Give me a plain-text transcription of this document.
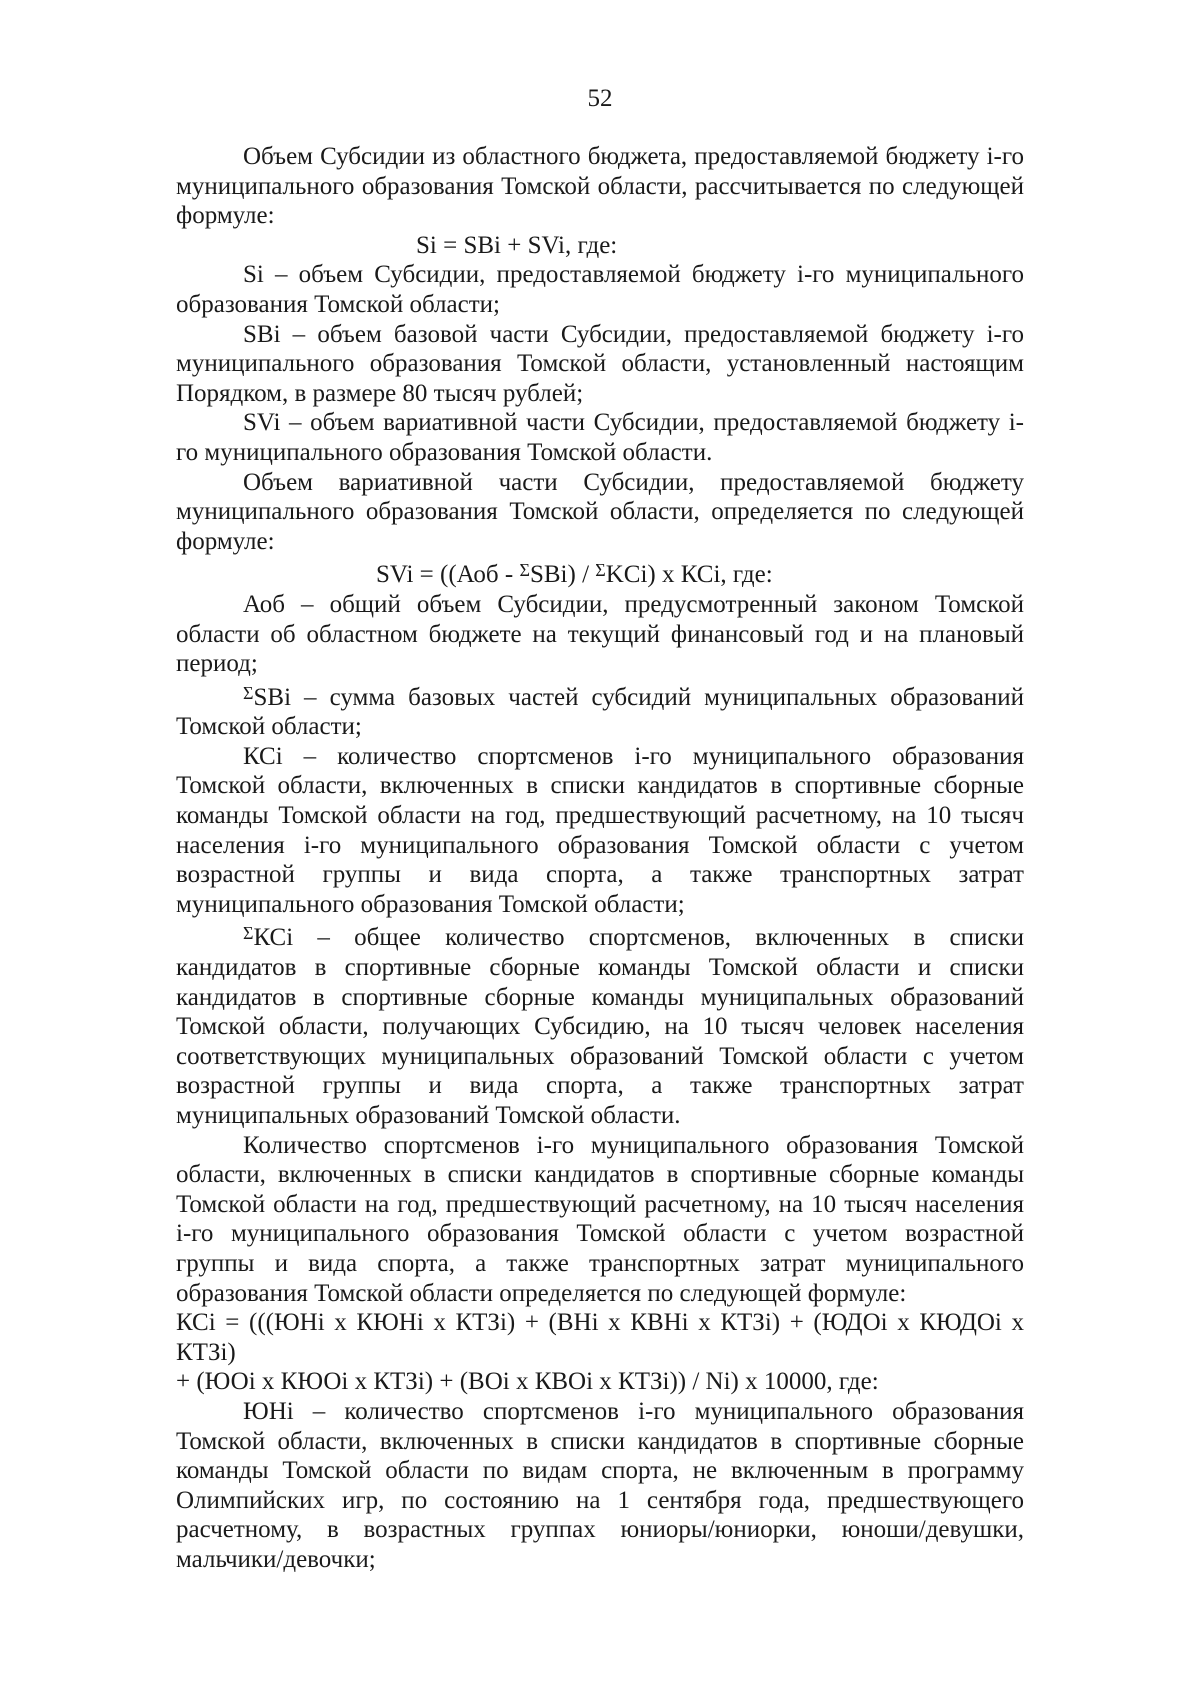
52

Объем Субсидии из областного бюджета, предоставляемой бюджету i-го муниципального образования Томской области, рассчитывается по следующей формуле:

Si = SBi + SVi, где:

Si – объем Субсидии, предоставляемой бюджету i-го муниципального образования Томской области;

SBi – объем базовой части Субсидии, предоставляемой бюджету i-го муниципального образования Томской области, установленный настоящим Порядком, в размере 80 тысяч рублей;

SVi – объем вариативной части Субсидии, предоставляемой бюджету i-го муниципального образования Томской области.

Объем вариативной части Субсидии, предоставляемой бюджету муниципального образования Томской области, определяется по следующей формуле:

SVi = ((Аоб - $^\Sigma$SBi) / $^\Sigma$KCi) х КСi, где:

Аоб – общий объем Субсидии, предусмотренный законом Томской области об областном бюджете на текущий финансовый год и на плановый период;

$^\Sigma$SBi – сумма базовых частей субсидий муниципальных образований Томской области;

КСi – количество спортсменов i-го муниципального образования Томской области, включенных в списки кандидатов в спортивные сборные команды Томской области на год, предшествующий расчетному, на 10 тысяч населения i-го муниципального образования Томской области с учетом возрастной группы и вида спорта, а также транспортных затрат муниципального образования Томской области;

$^\Sigma$КСi – общее количество спортсменов, включенных в списки кандидатов в спортивные сборные команды Томской области и списки кандидатов в спортивные сборные команды муниципальных образований Томской области, получающих Субсидию, на 10 тысяч человек населения соответствующих муниципальных образований Томской области с учетом возрастной группы и вида спорта, а также транспортных затрат муниципальных образований Томской области.

Количество спортсменов i-го муниципального образования Томской области, включенных в списки кандидатов в спортивные сборные команды Томской области на год, предшествующий расчетному, на 10 тысяч населения i-го муниципального образования Томской области с учетом возрастной группы и вида спорта, а также транспортных затрат муниципального образования Томской области определяется по следующей формуле:

КСi = (((ЮНi х КЮНi х КТЗi) + (ВНi х КВНi х КТЗi) + (ЮДОi х КЮДОi х КТЗi)
+ (ЮОi х КЮОi х КТЗi) + (ВОi х КВОi х КТЗi)) / Ni) х 10000, где:

ЮНi – количество спортсменов i-го муниципального образования Томской области, включенных в списки кандидатов в спортивные сборные команды Томской области по видам спорта, не включенным в программу Олимпийских игр, по состоянию на 1 сентября года, предшествующего расчетному, в возрастных группах юниоры/юниорки, юноши/девушки, мальчики/девочки;
